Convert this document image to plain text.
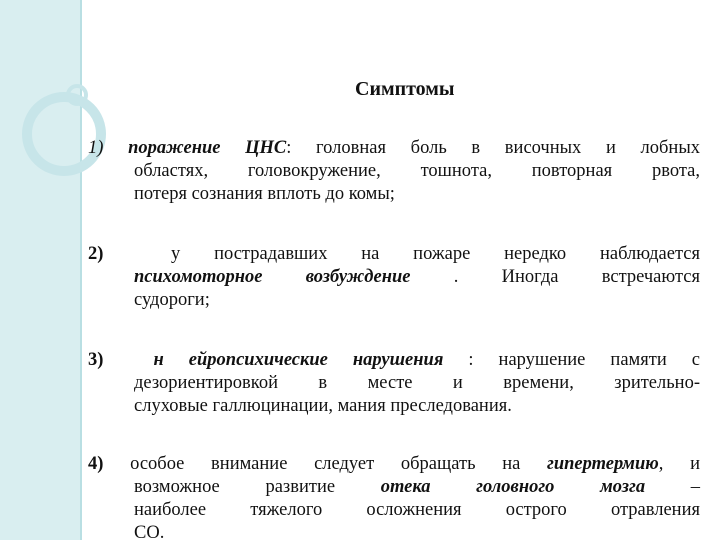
Симптомы
1) поражение ЦНС: головная боль в височных и лобных
областях, головокружение, тошнота, повторная рвота,
потеря сознания вплоть до комы;
2)	у пострадавших на пожаре нередко наблюдается
психомоторное возбуждение . Иногда встречаются
судороги;
3)	н ейропсихические нарушения : нарушение памяти с
дезориентировкой в месте и времени, зрительно-
слуховые галлюцинации, мания преследования.
4) особое внимание следует обращать на гипертермию, и
возможное развитие отека головного мозга –
наиболее тяжелого осложнения острого отравления
СО.
